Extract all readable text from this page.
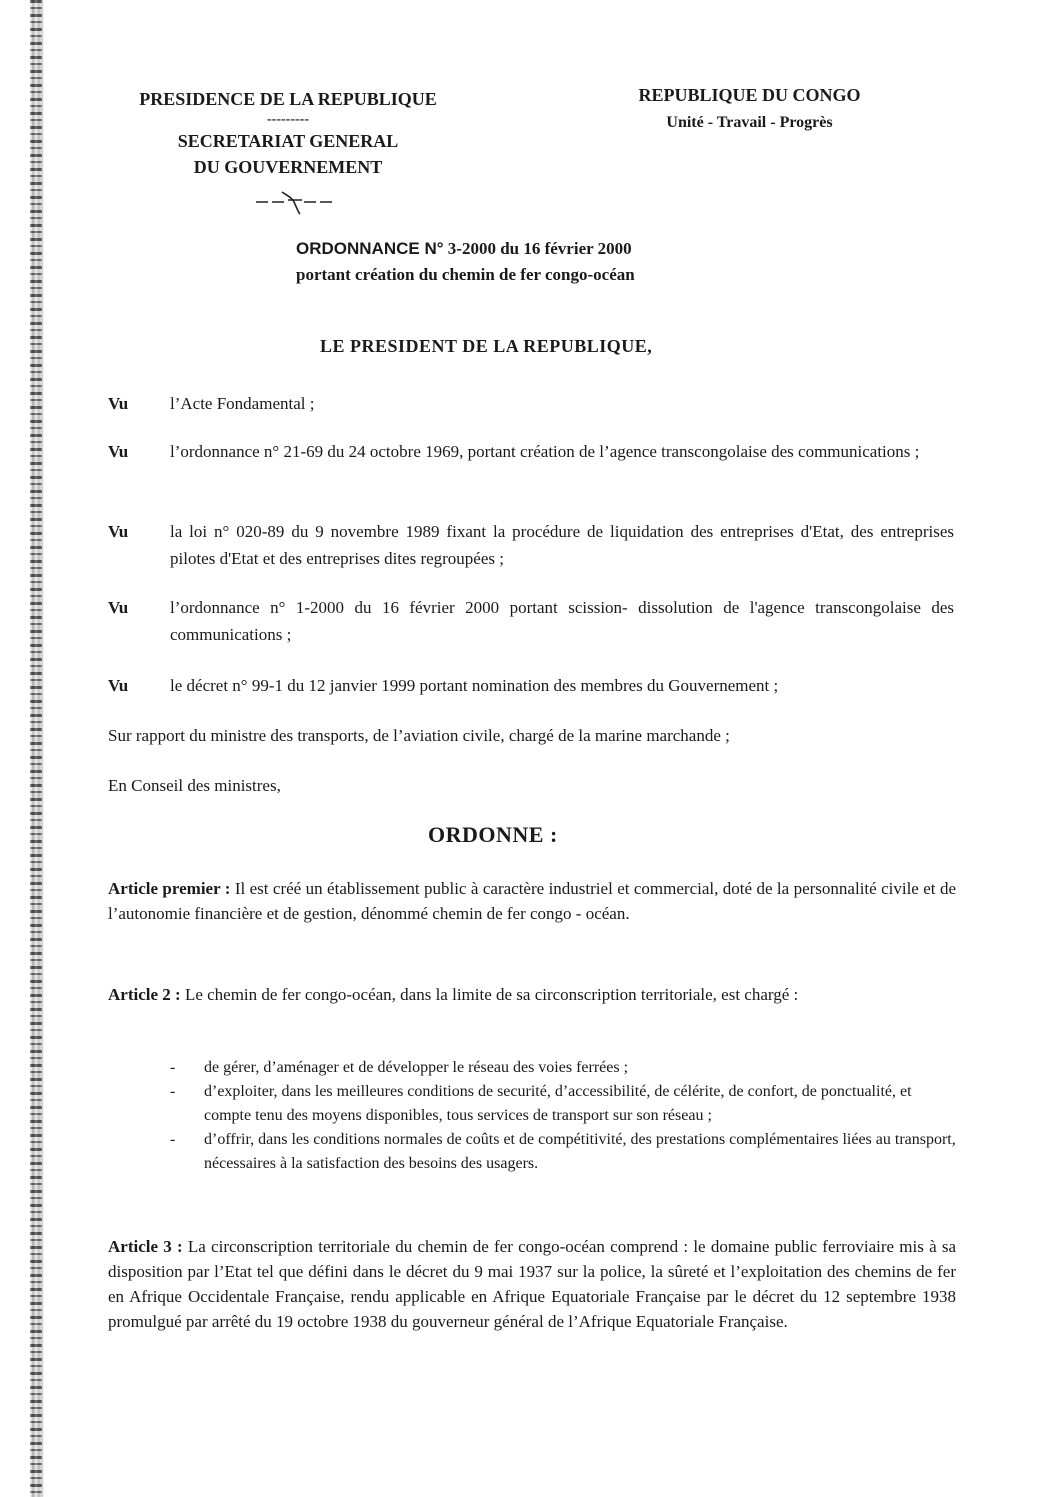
PRESIDENCE DE LA REPUBLIQUE
---------
SECRETARIAT GENERAL
DU GOUVERNEMENT
REPUBLIQUE DU CONGO
Unité - Travail - Progrès
ORDONNANCE N° 3-2000 du 16 février 2000
portant création du chemin de fer congo-océan
LE PRESIDENT DE LA REPUBLIQUE,
Vu	l’Acte Fondamental ;
Vu	l’ordonnance n° 21-69 du 24 octobre 1969, portant création de l’agence transcongolaise des communications ;
Vu	la loi n° 020-89 du 9 novembre 1989 fixant la procédure de liquidation des entreprises d'Etat, des entreprises pilotes d'Etat et des entreprises dites regroupées ;
Vu	l’ordonnance n° 1-2000 du 16 février 2000 portant scission- dissolution de l'agence transcongolaise des communications ;
Vu	le décret n° 99-1 du 12 janvier 1999 portant nomination des membres du Gouvernement ;
Sur rapport du ministre des transports, de l’aviation civile, chargé de la marine marchande ;
En Conseil des ministres,
ORDONNE :
Article premier : Il est créé un établissement public à caractère industriel et commercial, doté de la personnalité civile et de l’autonomie financière et de gestion, dénommé chemin de fer congo - océan.
Article 2 : Le chemin de fer congo-océan, dans la limite de sa circonscription territoriale, est chargé :
-	de gérer, d’aménager et de développer le réseau des voies ferrées ;
-	d’exploiter, dans les meilleures conditions de securité, d’accessibilité, de célérite, de confort, de ponctualité, et compte tenu des moyens disponibles, tous services de transport sur son réseau ;
-	d’offrir, dans les conditions normales de coûts et de compétitivité, des prestations complémentaires liées au transport, nécessaires à la satisfaction des besoins des usagers.
Article 3 : La circonscription territoriale du chemin de fer congo-océan comprend : le domaine public ferroviaire mis à sa disposition par l’Etat tel que défini dans le décret du 9 mai 1937 sur la police, la sûreté et l’exploitation des chemins de fer en Afrique Occidentale Française, rendu applicable en Afrique Equatoriale Française par le décret du 12 septembre 1938 promulgué par arrêté du 19 octobre 1938 du gouverneur général de l’Afrique Equatoriale Française.
